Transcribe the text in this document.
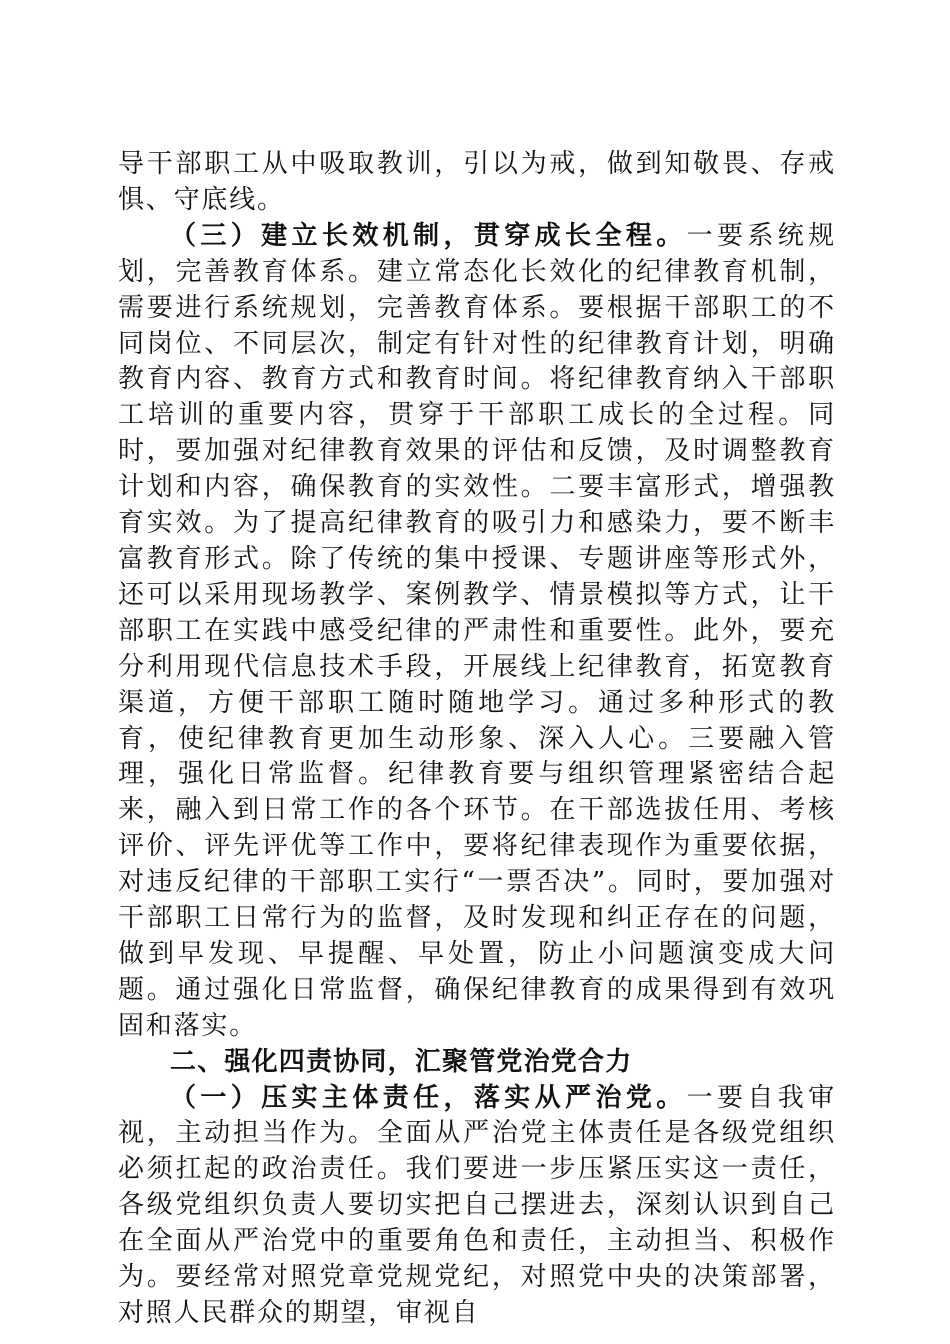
导干部职工从中吸取教训，引以为戒，做到知敬畏、存戒惧、守底线。

（三）建立长效机制，贯穿成长全程。一要系统规划，完善教育体系。建立常态化长效化的纪律教育机制，需要进行系统规划，完善教育体系。要根据干部职工的不同岗位、不同层次，制定有针对性的纪律教育计划，明确教育内容、教育方式和教育时间。将纪律教育纳入干部职工培训的重要内容，贯穿于干部职工成长的全过程。同时，要加强对纪律教育效果的评估和反馈，及时调整教育计划和内容，确保教育的实效性。二要丰富形式，增强教育实效。为了提高纪律教育的吸引力和感染力，要不断丰富教育形式。除了传统的集中授课、专题讲座等形式外，还可以采用现场教学、案例教学、情景模拟等方式，让干部职工在实践中感受纪律的严肃性和重要性。此外，要充分利用现代信息技术手段，开展线上纪律教育，拓宽教育渠道，方便干部职工随时随地学习。通过多种形式的教育，使纪律教育更加生动形象、深入人心。三要融入管理，强化日常监督。纪律教育要与组织管理紧密结合起来，融入到日常工作的各个环节。在干部选拔任用、考核评价、评先评优等工作中，要将纪律表现作为重要依据，对违反纪律的干部职工实行“一票否决”。同时，要加强对干部职工日常行为的监督，及时发现和纠正存在的问题，做到早发现、早提醒、早处置，防止小问题演变成大问题。通过强化日常监督，确保纪律教育的成果得到有效巩固和落实。

二、强化四责协同，汇聚管党治党合力

（一）压实主体责任，落实从严治党。一要自我审视，主动担当作为。全面从严治党主体责任是各级党组织必须扛起的政治责任。我们要进一步压紧压实这一责任，各级党组织负责人要切实把自己摆进去，深刻认识到自己在全面从严治党中的重要角色和责任，主动担当、积极作为。要经常对照党章党规党纪，对照党中央的决策部署，对照人民群众的期望，审视自
